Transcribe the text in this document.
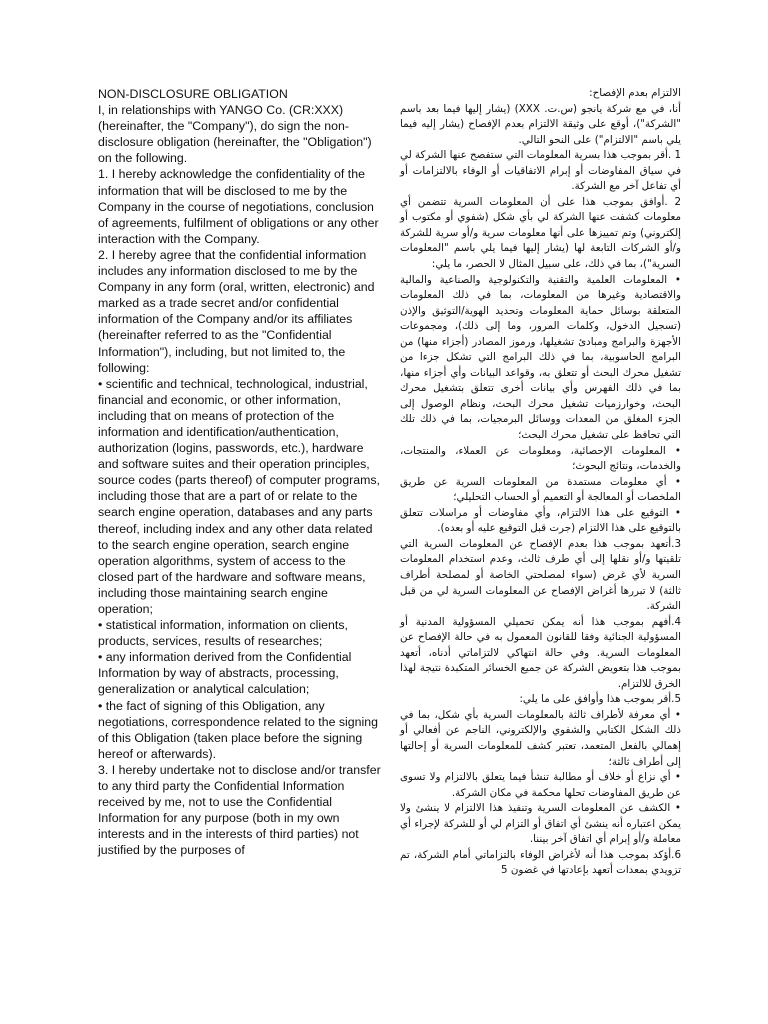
NON-DISCLOSURE OBLIGATION

I, in relationships with YANGO Co. (CR:XXX) (hereinafter, the "Company"), do sign the non-disclosure obligation (hereinafter, the "Obligation") on the following.

1. I hereby acknowledge the confidentiality of the information that will be disclosed to me by the Company in the course of negotiations, conclusion of agreements, fulfilment of obligations or any other interaction with the Company.

2. I hereby agree that the confidential information includes any information disclosed to me by the Company in any form (oral, written, electronic) and marked as a trade secret and/or confidential information of the Company and/or its affiliates (hereinafter referred to as the "Confidential Information"), including, but not limited to, the following:

• scientific and technical, technological, industrial, financial and economic, or other information, including that on means of protection of the information and identification/authentication, authorization (logins, passwords, etc.), hardware and software suites and their operation principles, source codes (parts thereof) of computer programs, including those that are a part of or relate to the search engine operation, databases and any parts thereof, including index and any other data related to the search engine operation, search engine operation algorithms, system of access to the closed part of the hardware and software means, including those maintaining search engine operation;

• statistical information, information on clients, products, services, results of researches;

• any information derived from the Confidential Information by way of abstracts, processing, generalization or analytical calculation;

• the fact of signing of this Obligation, any negotiations, correspondence related to the signing of this Obligation (taken place before the signing hereof or afterwards).

3. I hereby undertake not to disclose and/or transfer to any third party the Confidential Information received by me, not to use the Confidential Information for any purpose (both in my own interests and in the interests of third parties) not justified by the purposes of

الالتزام بعدم الإفصاح:

أنا، في مع شركة يانجو (س.ت. XXX) (يشار إليها فيما بعد باسم "الشركة")، أوقع على وثيقة الالتزام بعدم الإفصاح (يشار إليه فيما يلي باسم "الالتزام") على النحو التالي.

1 .أقر بموجب هذا بسرية المعلومات التي ستفصح عنها الشركة لي في سياق المفاوضات أو إبرام الاتفاقيات أو الوفاء بالالتزامات أو أي تفاعل آخر مع الشركة.

2 .أوافق بموجب هذا على أن المعلومات السرية تتضمن أي معلومات كشفت عنها الشركة لي بأي شكل (شفوي أو مكتوب أو إلكتروني) وتم تمييزها على أنها معلومات سرية و/أو سرية للشركة و/أو الشركات التابعة لها (يشار إليها فيما يلي باسم "المعلومات السرية")، بما في ذلك، على سبيل المثال لا الحصر، ما يلي:

• المعلومات العلمية والتقنية والتكنولوجية والصناعية والمالية والاقتصادية وغيرها من المعلومات، بما في ذلك المعلومات المتعلقة بوسائل حماية المعلومات وتحديد الهوية/التوثيق والإذن (تسجيل الدخول، وكلمات المرور، وما إلى ذلك)، ومجموعات الأجهزة والبرامج ومبادئ تشغيلها، ورموز المصادر (أجزاء منها) من البرامج الحاسوبية، بما في ذلك البرامج التي تشكل جزءا من تشغيل محرك البحث أو تتعلق به، وقواعد البيانات وأي أجزاء منها، بما في ذلك الفهرس وأي بيانات أخرى تتعلق بتشغيل محرك البحث، وخوارزميات تشغيل محرك البحث، ونظام الوصول إلى الجزء المغلق من المعدات ووسائل البرمجيات، بما في ذلك تلك التي تحافظ على تشغيل محرك البحث؛

• المعلومات الإحصائية، ومعلومات عن العملاء، والمنتجات، والخدمات، ونتائج البحوث؛

• أي معلومات مستمدة من المعلومات السرية عن طريق الملخصات أو المعالجة أو التعميم أو الحساب التحليلي؛

• التوقيع على هذا الالتزام، وأي مفاوضات أو مراسلات تتعلق بالتوقيع على هذا الالتزام (جرت قبل التوقيع عليه أو بعده).

3.أتعهد بموجب هذا بعدم الإفصاح عن المعلومات السرية التي تلقيتها و/أو نقلها إلى أي طرف ثالث، وعدم استخدام المعلومات السرية لأي غرض (سواء لمصلحتي الخاصة أو لمصلحة أطراف ثالثة) لا تبررها أغراض الإفصاح عن المعلومات السرية لي من قبل الشركة.

4.أفهم بموجب هذا أنه يمكن تحميلي المسؤولية المدنية أو المسؤولية الجنائية وفقا للقانون المعمول به في حالة الإفصاح عن المعلومات السرية. وفي حالة انتهاكي لالتزاماتي أدناه، أتعهد بموجب هذا بتعويض الشركة عن جميع الخسائر المتكبدة نتيجة لهذا الخرق للالتزام.

5.أقر بموجب هذا وأوافق على ما يلي:

• أي معرفة لأطراف ثالثة بالمعلومات السرية بأي شكل، بما في ذلك الشكل الكتابي والشفوي والإلكتروني، الناجم عن أفعالي أو إهمالي بالفعل المتعمد، تعتبر كشف للمعلومات السرية أو إحالتها إلى أطراف ثالثة؛

• أي نزاع أو خلاف أو مطالبة تنشأ فيما يتعلق بالالتزام ولا تسوى عن طريق المفاوضات تحلها محكمة في مكان الشركة.

• الكشف عن المعلومات السرية وتنفيذ هذا الالتزام لا ينشئ ولا يمكن اعتباره أنه ينشئ أي اتفاق أو التزام لي أو للشركة لإجراء أي معاملة و/أو إبرام أي اتفاق آخر بيننا.

6.أؤكد بموجب هذا أنه لأغراض الوفاء بالتزاماتي أمام الشركة، تم تزويدي بمعدات أتعهد بإعادتها في غضون 5
